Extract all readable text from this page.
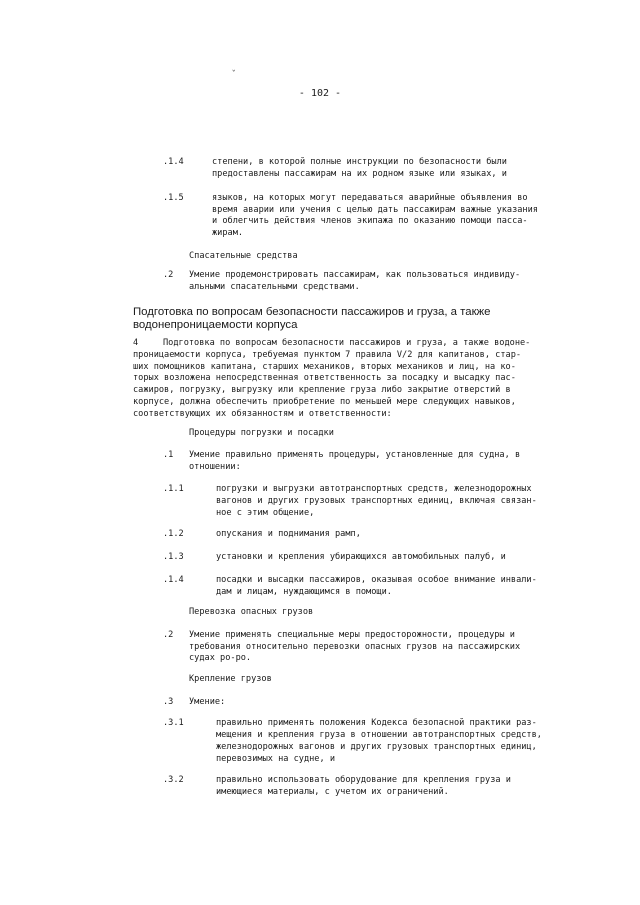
ˇ
- 102 -
.1.4	степени, в которой полные инструкции по безопасности были
предоставлены пассажирам на их родном языке или языках, и
.1.5	языков, на которых могут передаваться аварийные объявления во
время аварии или учения с целью дать пассажирам важные указания
и облегчить действия членов экипажа по оказанию помощи пасса-
жирам.
Спасательные средства
.2 Умение продемонстрировать пассажирам, как пользоваться индивиду-
альными спасательными средствами.
Подготовка по вопросам безопасности пассажиров и груза, а также
водонепроницаемости корпуса
4	Подготовка по вопросам безопасности пассажиров и груза, а также водоне-
проницаемости корпуса, требуемая пунктом 7 правила V/2 для капитанов, стар-
ших помощников капитана, старших механиков, вторых механиков и лиц, на ко-
торых возложена непосредственная ответственность за посадку и высадку пас-
сажиров, погрузку, выгрузку или крепление груза либо закрытие отверстий в
корпусе, должна обеспечить приобретение по меньшей мере следующих навыков,
соответствующих их обязанностям и ответственности:
Процедуры погрузки и посадки
.1 Умение правильно применять процедуры, установленные для судна, в
отношении:
.1.1	погрузки и выгрузки автотранспортных средств, железнодорожных
вагонов и других грузовых транспортных единиц, включая связан-
ное с этим общение,
.1.2	опускания и поднимания рамп,
.1.3	установки и крепления убирающихся автомобильных палуб, и
.1.4	посадки и высадки пассажиров, оказывая особое внимание инвали-
дам и лицам, нуждающимся в помощи.
Перевозка опасных грузов
.2 Умение применять специальные меры предосторожности, процедуры и
требования относительно перевозки опасных грузов на пассажирских
судах ро-ро.
Крепление грузов
.3 Умение:
.3.1	правильно применять положения Кодекса безопасной практики раз-
мещения и крепления груза в отношении автотранспортных средств,
железнодорожных вагонов и других грузовых транспортных единиц,
перевозимых на судне, и
.3.2	правильно использовать оборудование для крепления груза и
имеющиеся материалы, с учетом их ограничений.
